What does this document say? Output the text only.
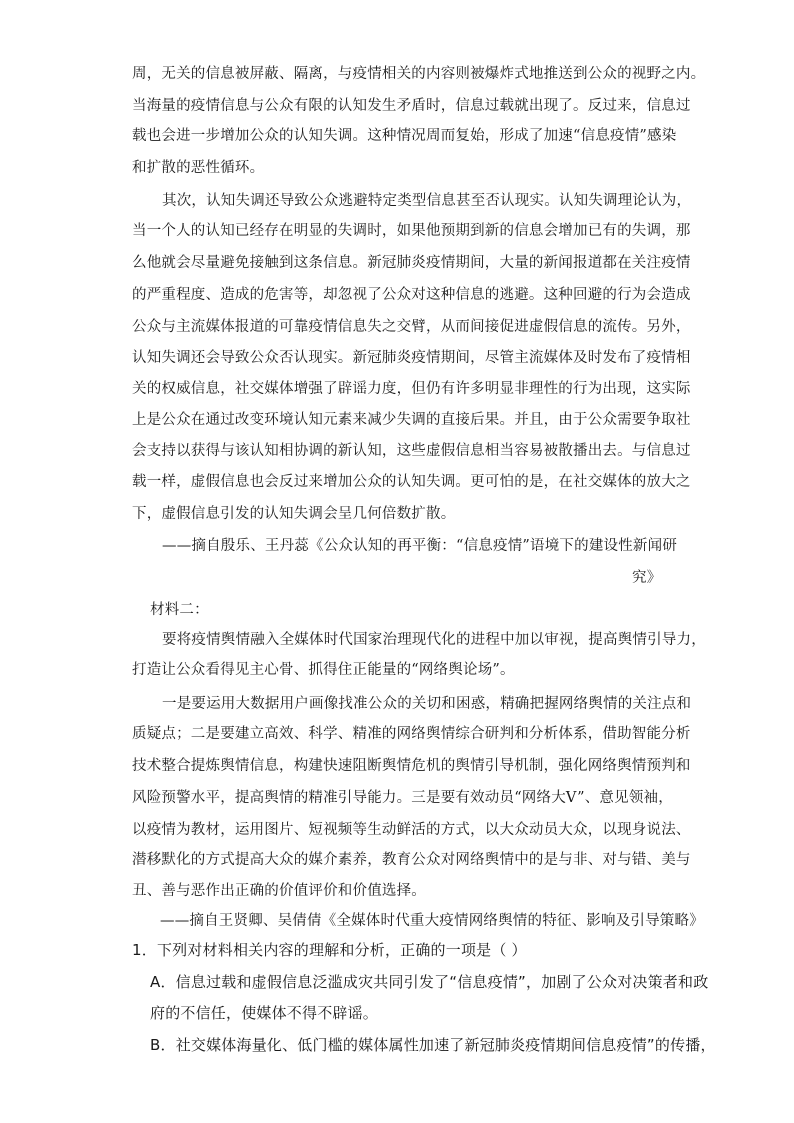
周，无关的信息被屏蔽、隔离，与疫情相关的内容则被爆炸式地推送到公众的视野之内。
当海量的疫情信息与公众有限的认知发生矛盾时，信息过载就出现了。反过来，信息过
载也会进一步增加公众的认知失调。这种情况周而复始，形成了加速“信息疫情”感染
和扩散的恶性循环。
其次，认知失调还导致公众逃避特定类型信息甚至否认现实。认知失调理论认为，
当一个人的认知已经存在明显的失调时，如果他预期到新的信息会增加已有的失调，那
么他就会尽量避免接触到这条信息。新冠肺炎疫情期间，大量的新闻报道都在关注疫情
的严重程度、造成的危害等，却忽视了公众对这种信息的逃避。这种回避的行为会造成
公众与主流媒体报道的可靠疫情信息失之交臂，从而间接促进虚假信息的流传。另外，
认知失调还会导致公众否认现实。新冠肺炎疫情期间，尽管主流媒体及时发布了疫情相
关的权威信息，社交媒体增强了辟谣力度，但仍有许多明显非理性的行为出现，这实际
上是公众在通过改变环境认知元素来减少失调的直接后果。并且，由于公众需要争取社
会支持以获得与该认知相协调的新认知，这些虚假信息相当容易被散播出去。与信息过
载一样，虚假信息也会反过来增加公众的认知失调。更可怕的是，在社交媒体的放大之
下，虚假信息引发的认知失调会呈几何倍数扩散。
——摘自殷乐、王丹蕊《公众认知的再平衡：“信息疫情”语境下的建设性新闻研
究》
材料二：
要将疫情舆情融入全媒体时代国家治理现代化的进程中加以审视，提高舆情引导力，
打造让公众看得见主心骨、抓得住正能量的“网络舆论场”。
一是要运用大数据用户画像找准公众的关切和困惑，精确把握网络舆情的关注点和
质疑点；二是要建立高效、科学、精准的网络舆情综合研判和分析体系，借助智能分析
技术整合提炼舆情信息，构建快速阻断舆情危机的舆情引导机制，强化网络舆情预判和
风险预警水平，提高舆情的精准引导能力。三是要有效动员“网络大V”、意见领袖，
以疫情为教材，运用图片、短视频等生动鲜活的方式，以大众动员大众，以现身说法、
潜移默化的方式提高大众的媒介素养，教育公众对网络舆情中的是与非、对与错、美与
丑、善与恶作出正确的价值评价和价值选择。
——摘自王贤卿、吴倩倩《全媒体时代重大疫情网络舆情的特征、影响及引导策略》
1．下列对材料相关内容的理解和分析，正确的一项是（ ）
A．信息过载和虚假信息泛滥成灾共同引发了“信息疫情”，加剧了公众对决策者和政
府的不信任，使媒体不得不辟谣。
B．社交媒体海量化、低门槛的媒体属性加速了新冠肺炎疫情期间信息疫情”的传播，
